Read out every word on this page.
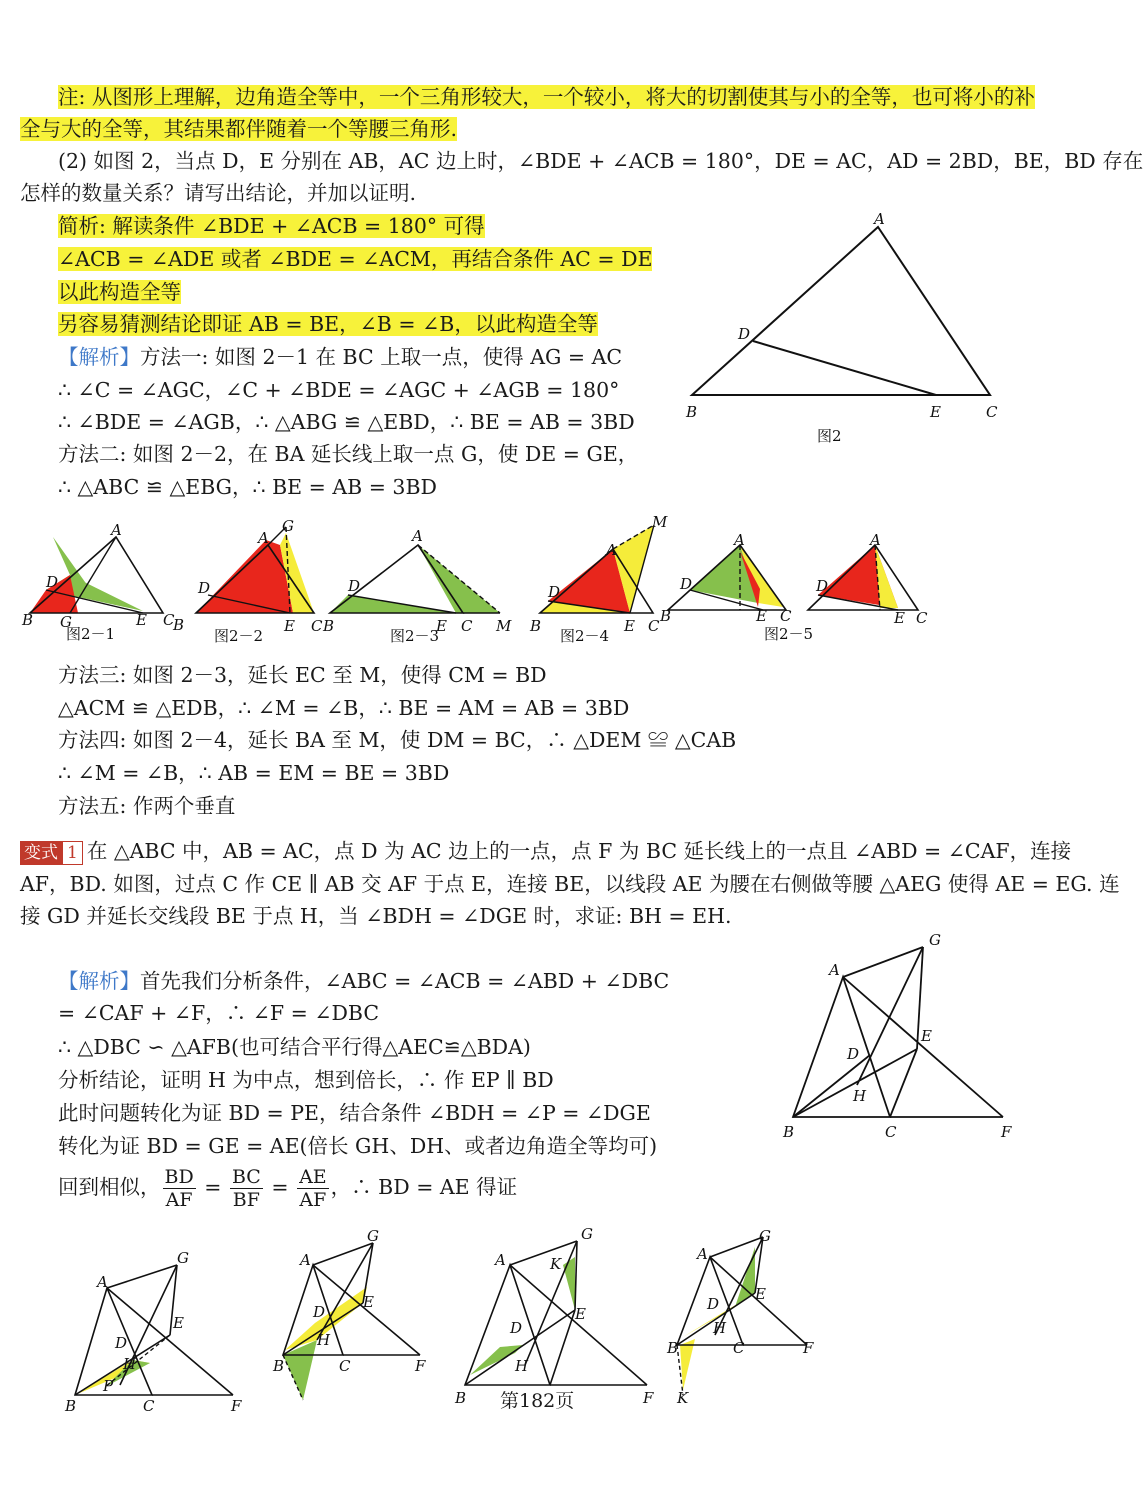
注: 从图形上理解，边角造全等中，一个三角形较大，一个较小，将大的切割使其与小的全等，也可将小的补
全与大的全等，其结果都伴随着一个等腰三角形.
(2) 如图 2，当点 D，E 分别在 AB，AC 边上时，∠BDE + ∠ACB = 180°，DE = AC，AD = 2BD，BE，BD 存在
怎样的数量关系？请写出结论，并加以证明.
简析: 解读条件 ∠BDE + ∠ACB = 180° 可得
∠ACB = ∠ADE 或者 ∠BDE = ∠ACM，再结合条件 AC = DE
以此构造全等
另容易猜测结论即证 AB = BE，∠B = ∠B，以此构造全等
【解析】方法一: 如图 2－1 在 BC 上取一点，使得 AG = AC
∴ ∠C = ∠AGC，∠C + ∠BDE = ∠AGC + ∠AGB = 180°
∴ ∠BDE = ∠AGB，∴ △ABG ≌ △EBD，∴ BE = AB = 3BD
方法二: 如图 2－2，在 BA 延长线上取一点 G，使 DE = GE，
∴ △ABC ≌ △EBG，∴ BE = AB = 3BD
A
D
B	E	C
图2
A
D
B G	E C
图2－1
A
G
D
B	E C
图2－2
A
D
B	E C M
图2－3
A
M
D
B	E C
图2－4
A
D
B	E C
A
D
E C
图2－5
方法三: 如图 2－3，延长 EC 至 M，使得 CM = BD
△ACM ≌ △EDB，∴ ∠M = ∠B，∴ BE = AM = AB = 3BD
方法四: 如图 2－4，延长 BA 至 M，使 DM = BC，∴ △DEM ≌ △CAB
∴ ∠M = ∠B，∴ AB = EM = BE = 3BD
方法五: 作两个垂直
变式 1 在 △ABC 中，AB = AC，点 D 为 AC 边上的一点，点 F 为 BC 延长线上的一点且 ∠ABD = ∠CAF，连接
AF，BD. 如图，过点 C 作 CE ∥ AB 交 AF 于点 E，连接 BE，以线段 AE 为腰在右侧做等腰 △AEG 使得 AE = EG. 连
接 GD 并延长交线段 BE 于点 H，当 ∠BDH = ∠DGE 时，求证: BH = EH.
【解析】首先我们分析条件，∠ABC = ∠ACB = ∠ABD + ∠DBC
= ∠CAF + ∠F，∴ ∠F = ∠DBC
∴ △DBC ∽ △AFB(也可结合平行得△AEC≌△BDA)
分析结论，证明 H 为中点，想到倍长，∴ 作 EP ∥ BD
此时问题转化为证 BD = PE，结合条件 ∠BDH = ∠P = ∠DGE
转化为证 BD = GE = AE(倍长 GH、DH、或者边角造全等均可)
回到相似， $\frac{BD}{AF} = \frac{BC}{BF} = \frac{AE}{AF}$ ，∴ BD = AE 得证
A
G
E
D
H
B	C	F
A
G
E
D
H
P
B	C	F
A
G
E
D
H
B	C	F
A
G
K
E
D
H
B	F
A
G
E
D
H
B	C	F
K
第182页
